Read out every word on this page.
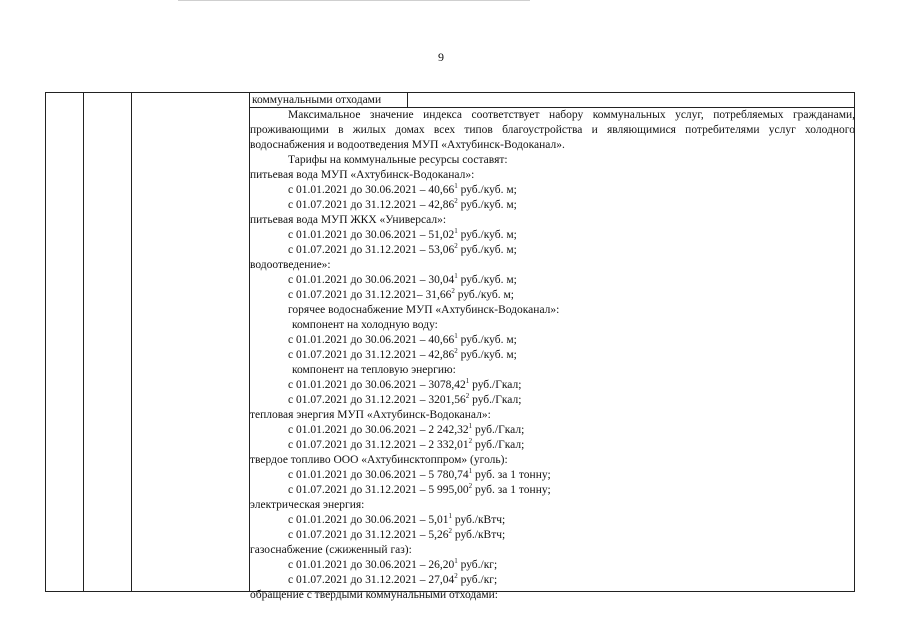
9
коммунальными отходами
Максимальное значение индекса соответствует набору коммунальных услуг, потребляемых гражданами, проживающими в жилых домах всех типов благоустройства и являющимися потребителями услуг холодного водоснабжения и водоотведения МУП «Ахтубинск-Водоканал».
Тарифы на коммунальные ресурсы составят:
питьевая вода МУП «Ахтубинск-Водоканал»:
с 01.01.2021 до 30.06.2021 – 40,66$^1$ руб./куб. м;
с 01.07.2021 до 31.12.2021 – 42,86$^2$ руб./куб. м;
питьевая вода МУП ЖКХ «Универсал»:
с 01.01.2021 до 30.06.2021 – 51,02$^1$ руб./куб. м;
с 01.07.2021 до 31.12.2021 – 53,06$^2$ руб./куб. м;
водоотведение»:
с 01.01.2021 до 30.06.2021 – 30,04$^1$ руб./куб. м;
с 01.07.2021 до 31.12.2021– 31,66$^2$ руб./куб. м;
горячее водоснабжение МУП «Ахтубинск-Водоканал»:
компонент на холодную воду:
с 01.01.2021 до 30.06.2021 – 40,66$^1$ руб./куб. м;
с 01.07.2021 до 31.12.2021 – 42,86$^2$ руб./куб. м;
компонент на тепловую энергию:
с 01.01.2021 до 30.06.2021 – 3078,42$^1$ руб./Гкал;
с 01.07.2021 до 31.12.2021 – 3201,56$^2$ руб./Гкал;
тепловая энергия МУП «Ахтубинск-Водоканал»:
с 01.01.2021 до 30.06.2021 – 2 242,32$^1$ руб./Гкал;
с 01.07.2021 до 31.12.2021 – 2 332,01$^2$ руб./Гкал;
твердое топливо ООО «Ахтубинсктоппром» (уголь):
с 01.01.2021 до 30.06.2021 – 5 780,74$^1$ руб. за 1 тонну;
с 01.07.2021 до 31.12.2021 – 5 995,00$^2$ руб. за 1 тонну;
электрическая энергия:
с 01.01.2021 до 30.06.2021 – 5,01$^1$ руб./кВтч;
с 01.07.2021 до 31.12.2021 – 5,26$^2$ руб./кВтч;
газоснабжение (сжиженный газ):
с 01.01.2021 до 30.06.2021 – 26,20$^1$ руб./кг;
с 01.07.2021 до 31.12.2021 – 27,04$^2$ руб./кг;
обращение с твердыми коммунальными отходами:
